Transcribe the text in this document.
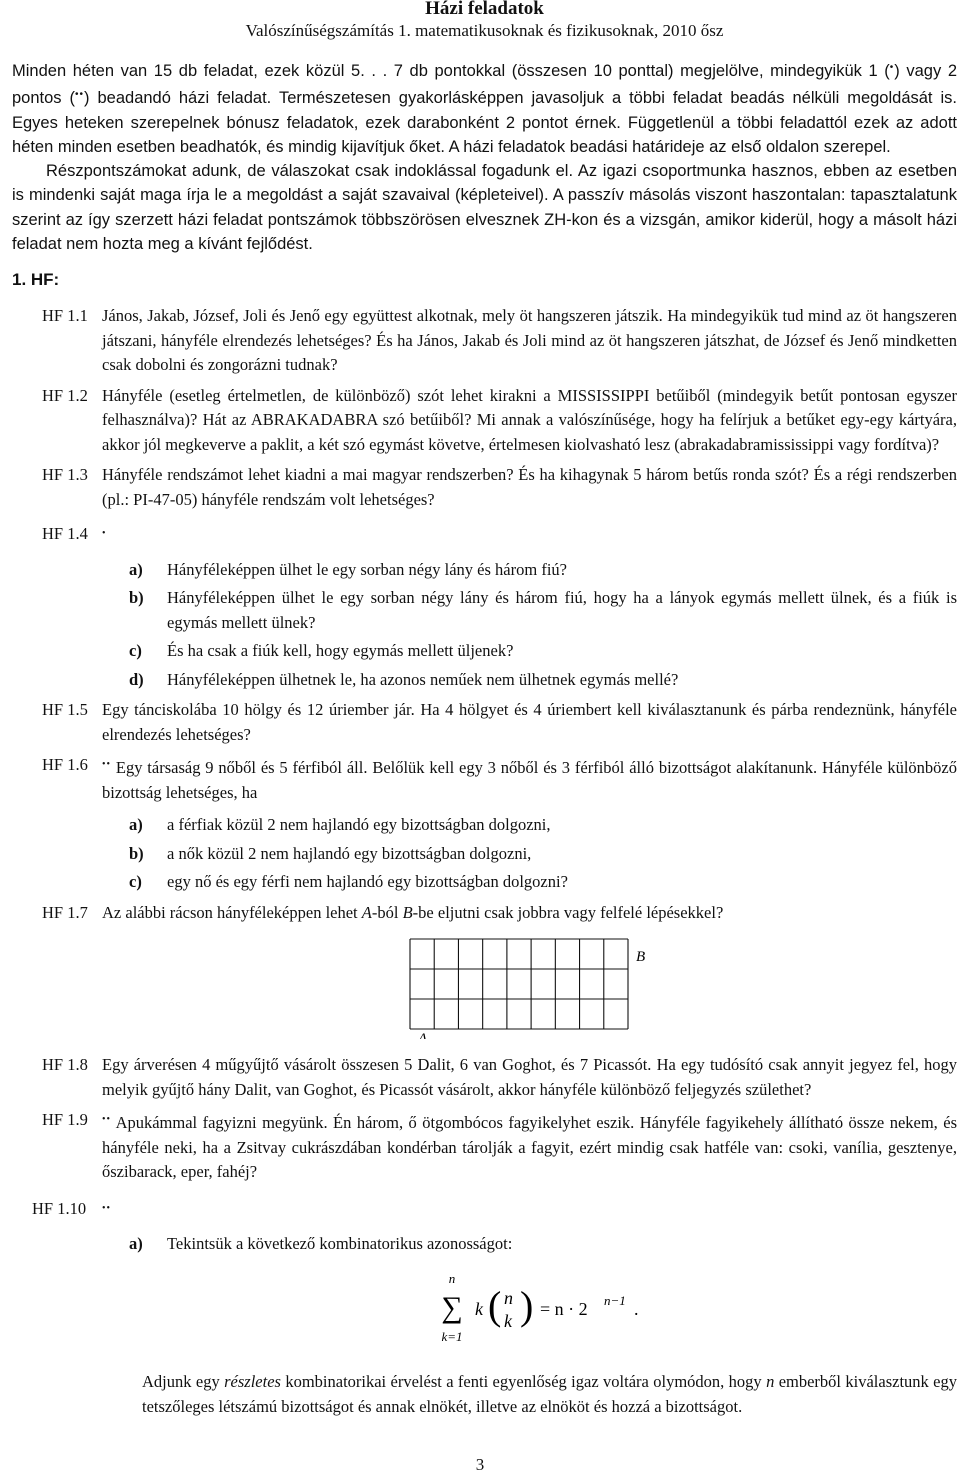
Házi feladatok
Valószínűségszámítás 1. matematikusoknak és fizikusoknak, 2010 ősz

Minden héten van 15 db feladat, ezek közül 5. . . 7 db pontokkal (összesen 10 ponttal) megjelölve, mindegyikük 1 (•) vagy 2 pontos (••) beadandó házi feladat. Természetesen gyakorlásképpen javasoljuk a többi feladat beadás nélküli megoldását is. Egyes heteken szerepelnek bónusz feladatok, ezek darabonként 2 pontot érnek. Függetlenül a többi feladattól ezek az adott héten minden esetben beadhatók, és mindig kijavítjuk őket. A házi feladatok beadási határideje az első oldalon szerepel.

Részpontszámokat adunk, de válaszokat csak indoklással fogadunk el. Az igazi csoportmunka hasznos, ebben az esetben is mindenki saját maga írja le a megoldást a saját szavaival (képleteivel). A passzív másolás viszont haszontalan: tapasztalatunk szerint az így szerzett házi feladat pontszámok többszörösen elvesznek ZH-kon és a vizsgán, amikor kiderül, hogy a másolt házi feladat nem hozta meg a kívánt fejlődést.

1. HF:
HF 1.1 János, Jakab, József, Joli és Jenő egy együttest alkotnak, mely öt hangszeren játszik. Ha mindegyikük tud mind az öt hangszeren játszani, hányféle elrendezés lehetséges? És ha János, Jakab és Joli mind az öt hangszeren játszhat, de József és Jenő mindketten csak dobolni és zongorázni tudnak?

HF 1.2 Hányféle (esetleg értelmetlen, de különböző) szót lehet kirakni a MISSISSIPPI betűiből (mindegyik betűt pontosan egyszer felhasználva)? Hát az ABRAKADABRA szó betűiből? Mi annak a valószínűsége, hogy ha felírjuk a betűket egy-egy kártyára, akkor jól megkeverve a paklit, a két szó egymást követve, értelmesen kiolvasható lesz (abrakadabramississippi vagy fordítva)?

HF 1.3 Hányféle rendszámot lehet kiadni a mai magyar rendszerben? És ha kihagynak 5 három betűs ronda szót? És a régi rendszerben (pl.: PI-47-05) hányféle rendszám volt lehetséges?

HF 1.4 •

a) Hányféleképpen ülhet le egy sorban négy lány és három fiú?
b) Hányféleképpen ülhet le egy sorban négy lány és három fiú, hogy ha a lányok egymás mellett ülnek, és a fiúk is egymás mellett ülnek?
c) És ha csak a fiúk kell, hogy egymás mellett üljenek?
d) Hányféleképpen ülhetnek le, ha azonos neműek nem ülhetnek egymás mellé?
HF 1.5 Egy tánciskolába 10 hölgy és 12 úriember jár. Ha 4 hölgyet és 4 úriembert kell kiválasztanunk és párba rendeznünk, hányféle elrendezés lehetséges?

HF 1.6 •• Egy társaság 9 nőből és 5 férfiból áll. Belőlük kell egy 3 nőből és 3 férfiból álló bizottságot alakítanunk. Hányféle különböző bizottság lehetséges, ha

a) a férfiak közül 2 nem hajlandó egy bizottságban dolgozni,
b) a nők közül 2 nem hajlandó egy bizottságban dolgozni,
c) egy nő és egy férfi nem hajlandó egy bizottságban dolgozni?
HF 1.7 Az alábbi rácson hányféleképpen lehet A-ból B-be eljutni csak jobbra vagy felfelé lépésekkel?

B
A
HF 1.8 Egy árverésen 4 műgyűjtő vásárolt összesen 5 Dalit, 6 van Goghot, és 7 Picassót. Ha egy tudósító csak annyit jegyez fel, hogy melyik gyűjtő hány Dalit, van Goghot, és Picassót vásárolt, akkor hányféle különböző feljegyzés születhet?

HF 1.9 •• Apukámmal fagyizni megyünk. Én három, ő ötgombócos fagyikelyhet eszik. Hányféle fagyikehely állítható össze nekem, és hányféle neki, ha a Zsitvay cukrászdában kondérban tárolják a fagyit, ezért mindig csak hatféle van: csoki, vanília, gesztenye, őszibarack, eper, fahéj?

HF 1.10 ••

a) Tekintsük a következő kombinatorikus azonosságot:
n
∑
k=1
k ( n
k ) = n · 2 n−1 .

Adjunk egy részletes kombinatorikai érvelést a fenti egyenlőség igaz voltára olymódon, hogy n emberből kiválasztunk egy tetszőleges létszámú bizottságot és annak elnökét, illetve az elnököt és hozzá a bizottságot.

3
